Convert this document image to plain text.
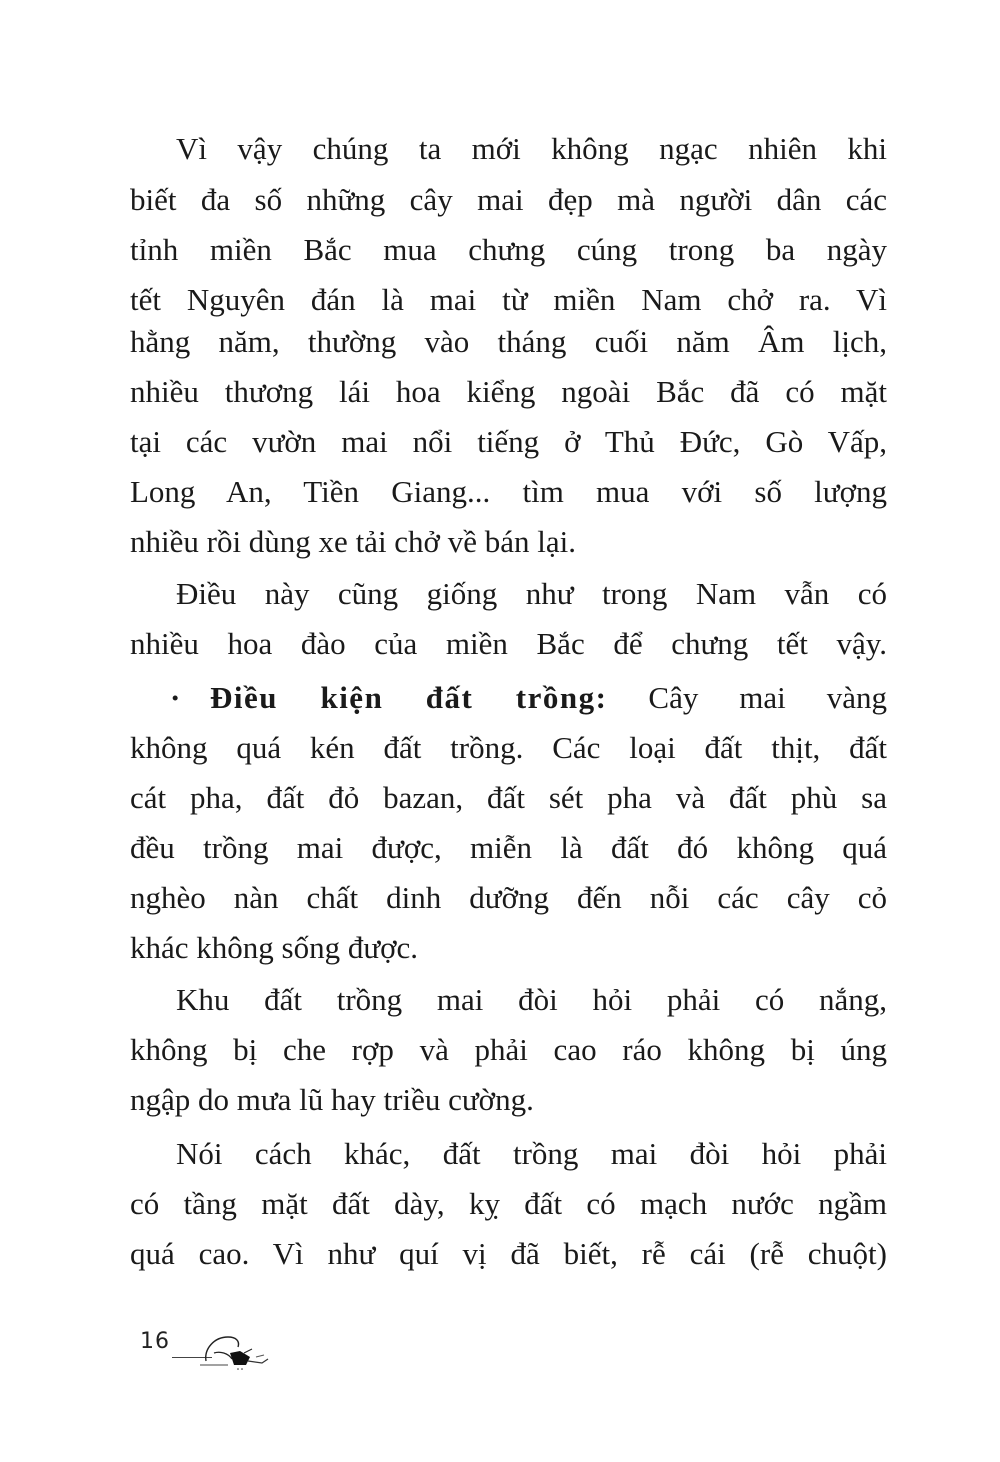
Vì vậy chúng ta mới không ngạc nhiên khi
biết đa số những cây mai đẹp mà người dân các
tỉnh miền Bắc mua chưng cúng trong ba ngày
tết Nguyên đán là mai từ miền Nam chở ra. Vì
hằng năm, thường vào tháng cuối năm Âm lịch,
nhiều thương lái hoa kiểng ngoài Bắc đã có mặt
tại các vườn mai nổi tiếng ở Thủ Đức, Gò Vấp,
Long An, Tiền Giang... tìm mua với số lượng
nhiều rồi dùng xe tải chở về bán lại.
Điều này cũng giống như trong Nam vẫn có
nhiều hoa đào của miền Bắc để chưng tết vậy.
· Điều kiện đất trồng: Cây mai vàng
không quá kén đất trồng. Các loại đất thịt, đất
cát pha, đất đỏ bazan, đất sét pha và đất phù sa
đều trồng mai được, miễn là đất đó không quá
nghèo nàn chất dinh dưỡng đến nỗi các cây cỏ
khác không sống được.
Khu đất trồng mai đòi hỏi phải có nắng,
không bị che rợp và phải cao ráo không bị úng
ngập do mưa lũ hay triều cường.
Nói cách khác, đất trồng mai đòi hỏi phải
có tầng mặt đất dày, kỵ đất có mạch nước ngầm
quá cao. Vì như quí vị đã biết, rễ cái (rễ chuột)
16
